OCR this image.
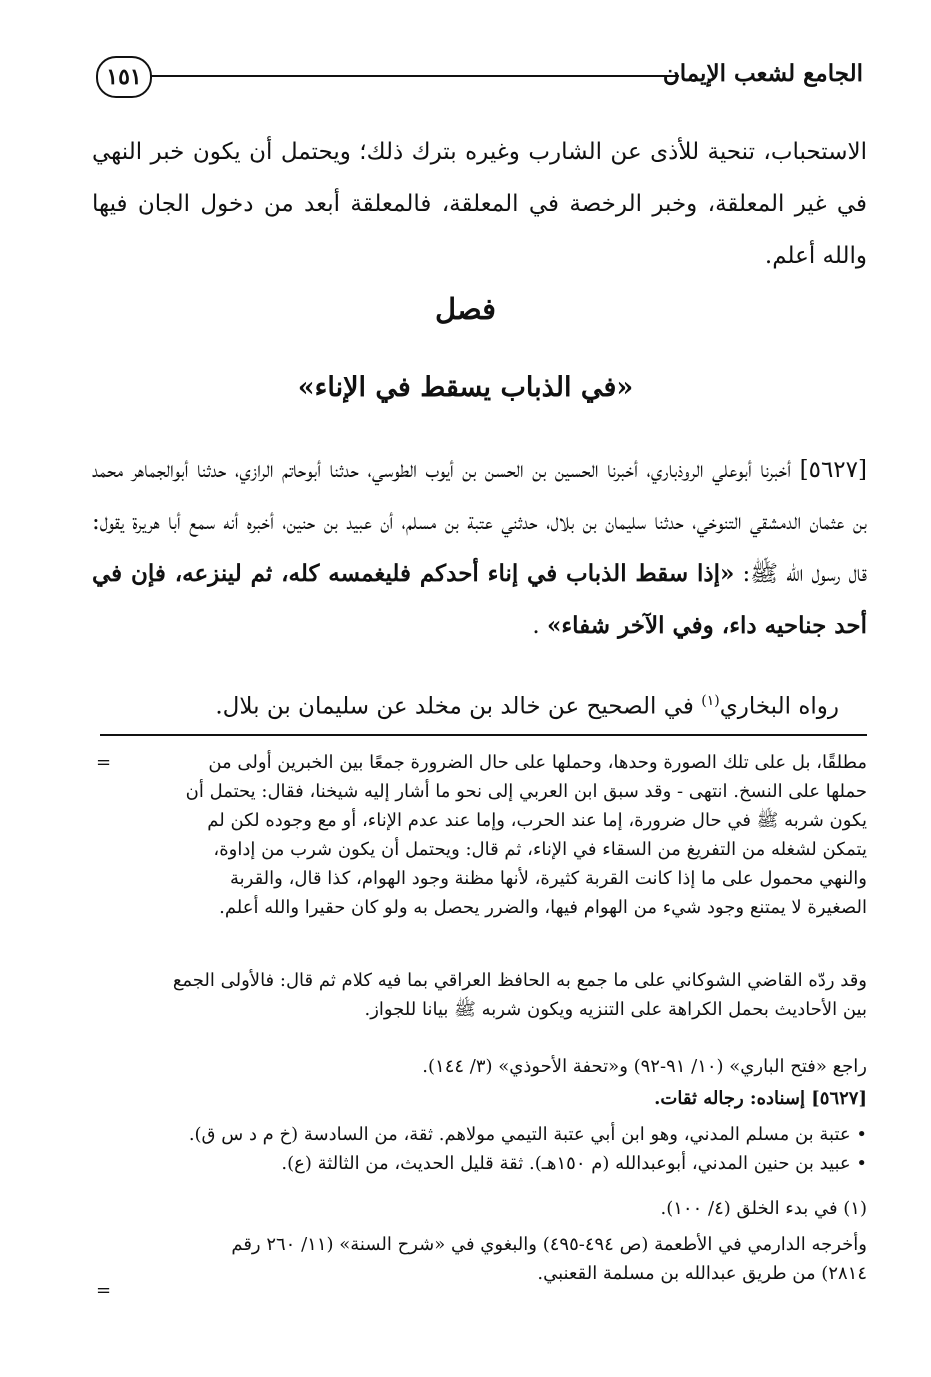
الجامع لشعب الإيمان
١٥١
الاستحباب، تنحية للأذى عن الشارب وغيره بترك ذلك؛ ويحتمل أن يكون خبر النهي في غير المعلقة، وخبر الرخصة في المعلقة، فالمعلقة أبعد من دخول الجان فيها والله أعلم.
فصل
«في الذباب يسقط في الإناء»
[٥٦٢٧] أخبرنا أبوعلي الروذباري، أخبرنا الحسين بن الحسن بن أيوب الطوسي، حدثنا أبوحاتم الرازي، حدثنا أبوالجماهر محمد بن عثمان الدمشقي التنوخي، حدثنا سليمان بن بلال، حدثني عتبة بن مسلم، أن عبيد بن حنين، أخبره أنه سمع أبا هريرة يقول: قال رسول الله ﷺ: «إذا سقط الذباب في إناء أحدكم فليغمسه كله، ثم لينزعه، فإن في أحد جناحيه داء، وفي الآخر شفاء» .
رواه البخاري$^{(١)}$ في الصحيح عن خالد بن مخلد عن سليمان بن بلال.
=	مطلقًا، بل على تلك الصورة وحدها، وحملها على حال الضرورة جمعًا بين الخبرين أولى من
حملها على النسخ. انتهى - وقد سبق ابن العربي إلى نحو ما أشار إليه شيخنا، فقال: يحتمل أن
يكون شربه ﷺ في حال ضرورة، إما عند الحرب، وإما عند عدم الإناء، أو مع وجوده لكن لم
يتمكن لشغله من التفريغ من السقاء في الإناء، ثم قال: ويحتمل أن يكون شرب من إداوة،
والنهي محمول على ما إذا كانت القربة كثيرة، لأنها مظنة وجود الهوام، كذا قال، والقربة
الصغيرة لا يمتنع وجود شيء من الهوام فيها، والضرر يحصل به ولو كان حقيرا والله أعلم.
وقد ردّه القاضي الشوكاني على ما جمع به الحافظ العراقي بما فيه كلام ثم قال: فالأولى الجمع
بين الأحاديث بحمل الكراهة على التنزيه ويكون شربه ﷺ بيانا للجواز.
راجع «فتح الباري» (١٠/ ٩١-٩٢) و«تحفة الأحوذي» (٣/ ١٤٤).
[٥٦٢٧] إسناده: رجاله ثقات.
• عتبة بن مسلم المدني، وهو ابن أبي عتبة التيمي مولاهم. ثقة، من السادسة (خ م د س ق).
• عبيد بن حنين المدني، أبوعبدالله (م ١٥٠هـ). ثقة قليل الحديث، من الثالثة (ع).
(١) في بدء الخلق (٤/ ١٠٠).
وأخرجه الدارمي في الأطعمة (ص ٤٩٤-٤٩٥) والبغوي في «شرح السنة» (١١/ ٢٦٠ رقم
٢٨١٤) من طريق عبدالله بن مسلمة القعنبي.
=
